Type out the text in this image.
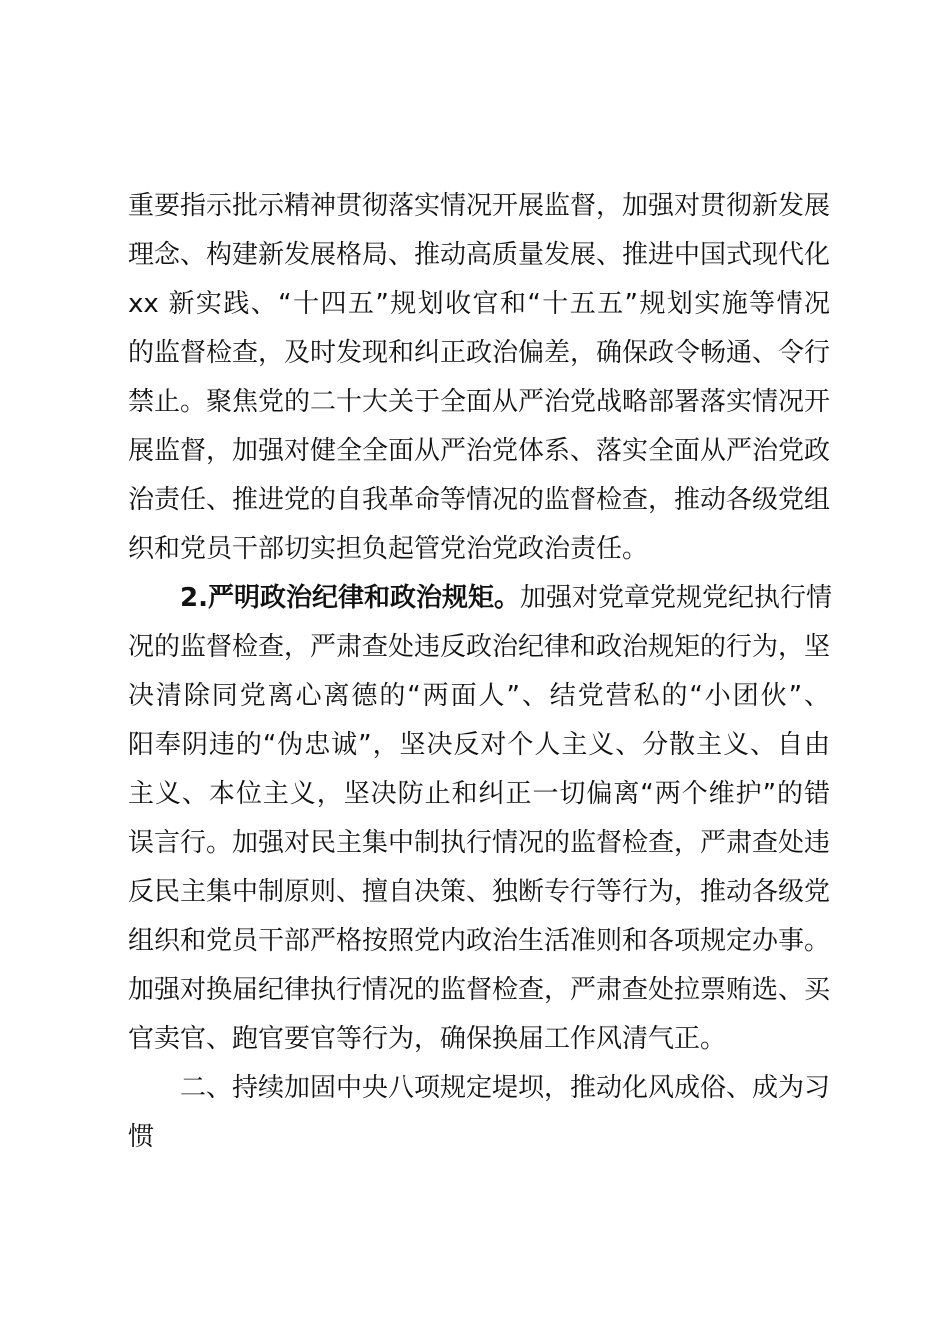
重要指示批示精神贯彻落实情况开展监督，加强对贯彻新发展
理念、构建新发展格局、推动高质量发展、推进中国式现代化
xx 新实践、“十四五”规划收官和“十五五”规划实施等情况
的监督检查，及时发现和纠正政治偏差，确保政令畅通、令行
禁止。聚焦党的二十大关于全面从严治党战略部署落实情况开
展监督，加强对健全全面从严治党体系、落实全面从严治党政
治责任、推进党的自我革命等情况的监督检查，推动各级党组
织和党员干部切实担负起管党治党政治责任。
2.严明政治纪律和政治规矩。加强对党章党规党纪执行情
况的监督检查，严肃查处违反政治纪律和政治规矩的行为，坚
决清除同党离心离德的“两面人”、结党营私的“小团伙”、
阳奉阴违的“伪忠诚”，坚决反对个人主义、分散主义、自由
主义、本位主义，坚决防止和纠正一切偏离“两个维护”的错
误言行。加强对民主集中制执行情况的监督检查，严肃查处违
反民主集中制原则、擅自决策、独断专行等行为，推动各级党
组织和党员干部严格按照党内政治生活准则和各项规定办事。
加强对换届纪律执行情况的监督检查，严肃查处拉票贿选、买
官卖官、跑官要官等行为，确保换届工作风清气正。
二、持续加固中央八项规定堤坝，推动化风成俗、成为习
惯
